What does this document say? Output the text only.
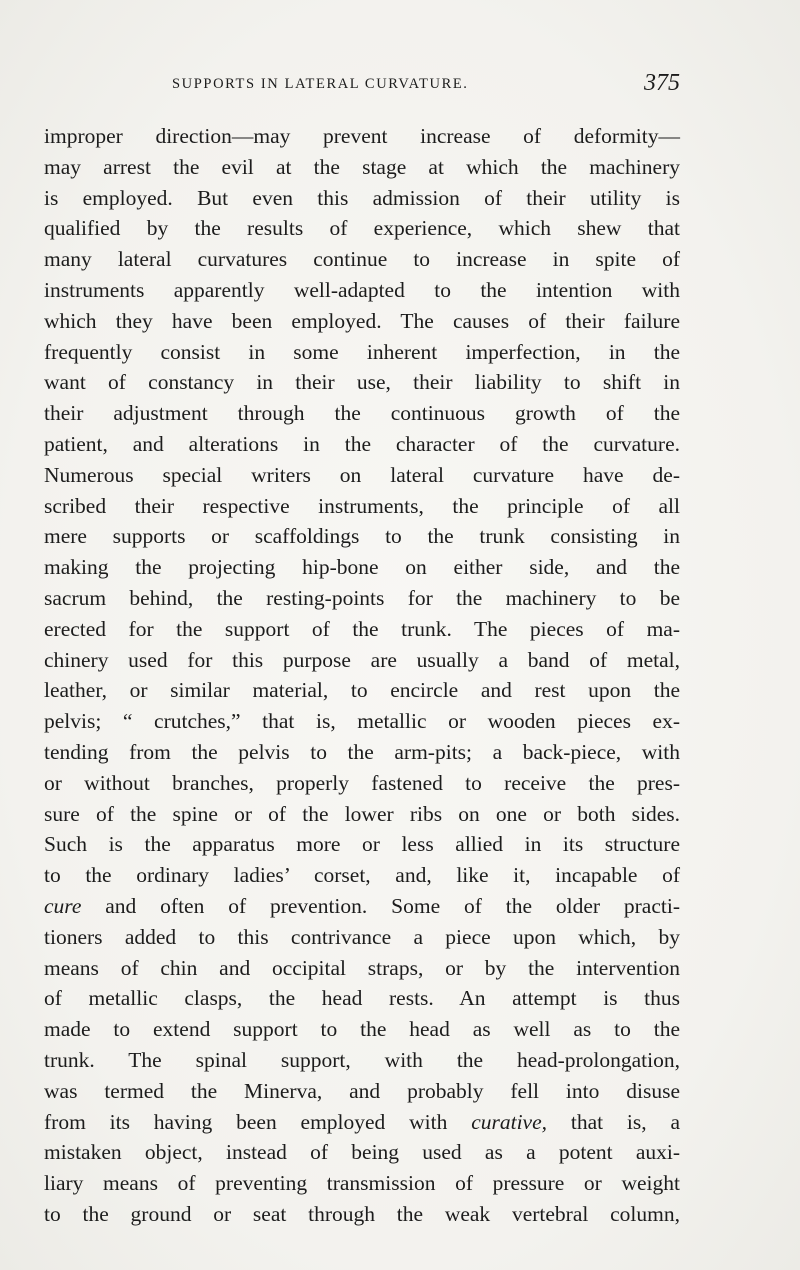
SUPPORTS IN LATERAL CURVATURE.	375
improper direction—may prevent increase of deformity—
may arrest the evil at the stage at which the machinery
is employed. But even this admission of their utility is
qualified by the results of experience, which shew that
many lateral curvatures continue to increase in spite of
instruments apparently well-adapted to the intention with
which they have been employed. The causes of their failure
frequently consist in some inherent imperfection, in the
want of constancy in their use, their liability to shift in
their adjustment through the continuous growth of the
patient, and alterations in the character of the curvature.
Numerous special writers on lateral curvature have de-
scribed their respective instruments, the principle of all
mere supports or scaffoldings to the trunk consisting in
making the projecting hip-bone on either side, and the
sacrum behind, the resting-points for the machinery to be
erected for the support of the trunk. The pieces of ma-
chinery used for this purpose are usually a band of metal,
leather, or similar material, to encircle and rest upon the
pelvis; “ crutches,” that is, metallic or wooden pieces ex-
tending from the pelvis to the arm-pits; a back-piece, with
or without branches, properly fastened to receive the pres-
sure of the spine or of the lower ribs on one or both sides.
Such is the apparatus more or less allied in its structure
to the ordinary ladies’ corset, and, like it, incapable of
cure and often of prevention. Some of the older practi-
tioners added to this contrivance a piece upon which, by
means of chin and occipital straps, or by the intervention
of metallic clasps, the head rests. An attempt is thus
made to extend support to the head as well as to the
trunk. The spinal support, with the head-prolongation,
was termed the Minerva, and probably fell into disuse
from its having been employed with curative, that is, a
mistaken object, instead of being used as a potent auxi-
liary means of preventing transmission of pressure or weight
to the ground or seat through the weak vertebral column,
